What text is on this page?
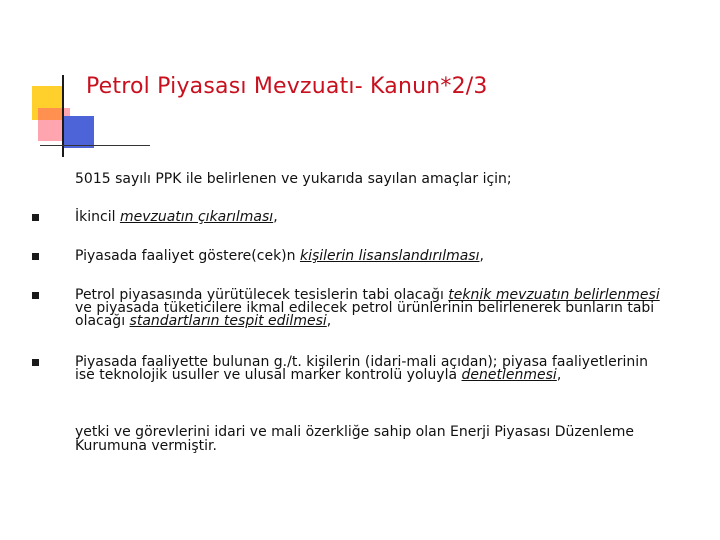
Petrol Piyasası Mevzuatı- Kanun*2/3
5015 sayılı PPK ile belirlenen ve yukarıda sayılan amaçlar için;
İkincil mevzuatın çıkarılması,
Piyasada faaliyet göstere(cek)n kişilerin lisanslandırılması,
Petrol piyasasında yürütülecek tesislerin tabi olacağı teknik mevzuatın belirlenmesi ve piyasada tüketicilere ikmal edilecek petrol ürünlerinin belirlenerek bunların tabi olacağı standartların tespit edilmesi,
Piyasada faaliyette bulunan g./t. kişilerin (idari-mali açıdan); piyasa faaliyetlerinin ise teknolojik usuller ve ulusal marker kontrolü yoluyla denetlenmesi,
yetki ve görevlerini idari ve mali özerkliğe sahip olan Enerji Piyasası Düzenleme Kurumuna vermiştir.
